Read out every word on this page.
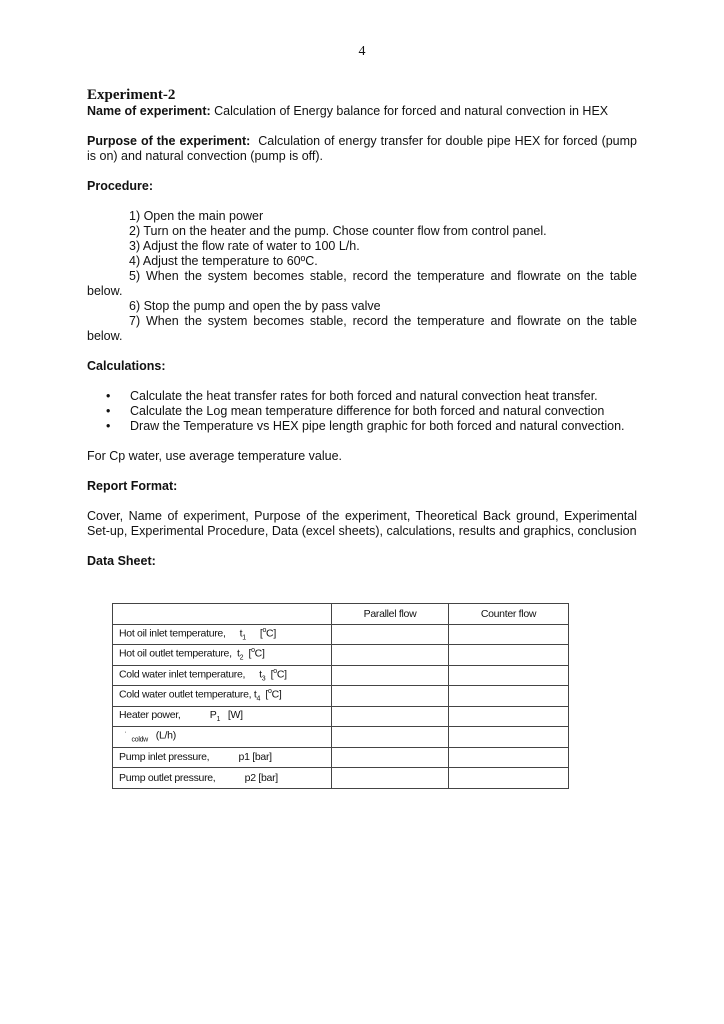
4
Experiment-2
Name of experiment: Calculation of Energy balance for forced and natural convection in HEX
Purpose of the experiment: Calculation of energy transfer for double pipe HEX for forced (pump is on) and natural convection (pump is off).
Procedure:
1) Open the main power
2) Turn on the heater and the pump. Chose counter flow from control panel.
3) Adjust the flow rate of water to 100 L/h.
4) Adjust the temperature to 60ºC.
5) When the system becomes stable, record the temperature and flowrate on the table
below.
6) Stop the pump and open the by pass valve
7) When the system becomes stable, record the temperature and flowrate on the table
below.
Calculations:
• Calculate the heat transfer rates for both forced and natural convection heat transfer.
• Calculate the Log mean temperature difference for both forced and natural convection
• Draw the Temperature vs HEX pipe length graphic for both forced and natural convection.
For Cp water, use average temperature value.
Report Format:
Cover, Name of experiment, Purpose of the experiment, Theoretical Back ground, Experimental Set-up, Experimental Procedure, Data (excel sheets), calculations, results and graphics, conclusion
Data Sheet:
	Parallel flow	Counter flow
Hot oil inlet temperature, $t_1$ [$^o$C]		
Hot oil outlet temperature, $t_2$ [$^o$C]		
Cold water inlet temperature, $t_3$ [$^o$C]		
Cold water outlet temperature, $t_4$ [$^o$C]		
Heater power, $P_1$ [W]		
·  $_{coldw}$ (L/h)		
Pump inlet pressure, p1 [bar]		
Pump outlet pressure, p2 [bar]		
